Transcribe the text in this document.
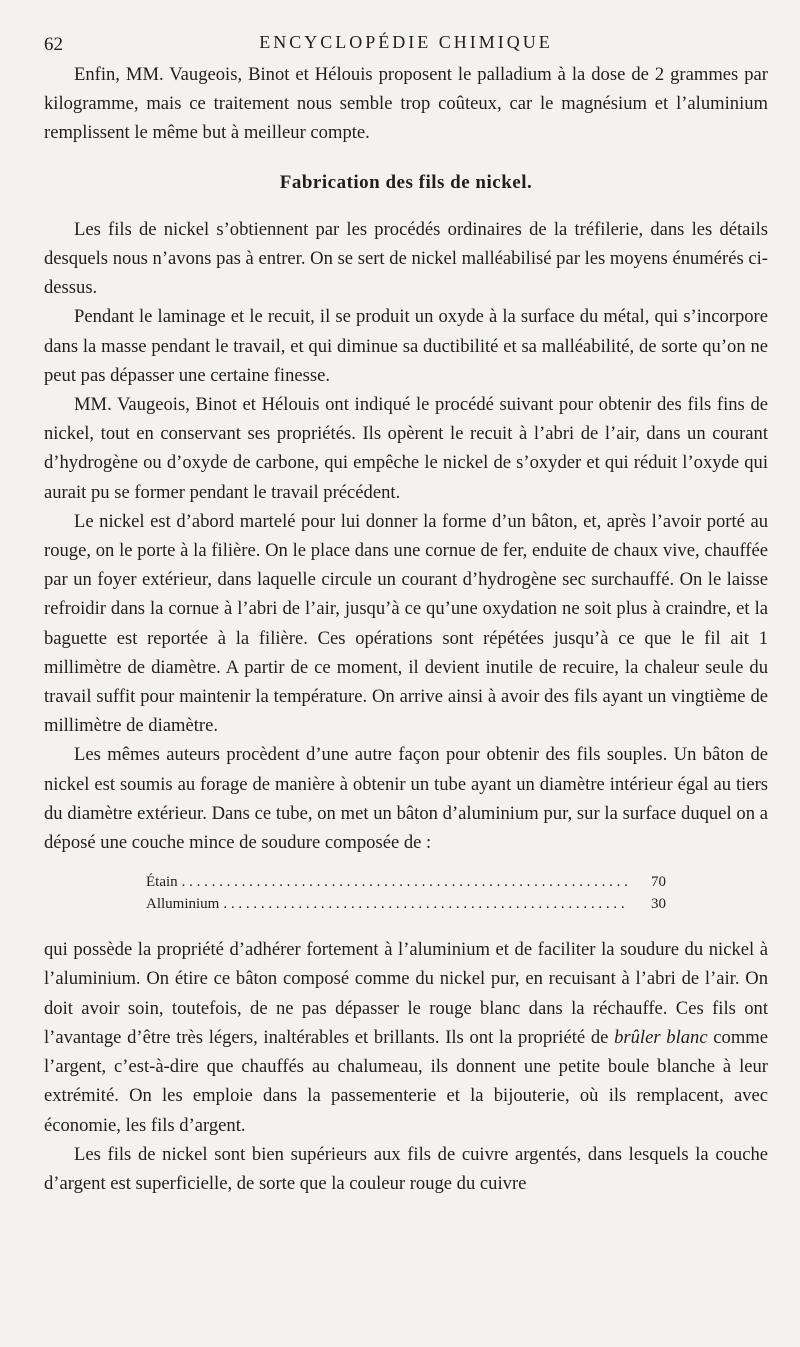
62	ENCYCLOPÉDIE CHIMIQUE

Enfin, MM. Vaugeois, Binot et Hélouis proposent le palladium à la dose de 2 grammes par kilogramme, mais ce traitement nous semble trop coûteux, car le magnésium et l’aluminium remplissent le même but à meilleur compte.

Fabrication des fils de nickel.

Les fils de nickel s’obtiennent par les procédés ordinaires de la tréfilerie, dans les détails desquels nous n’avons pas à entrer. On se sert de nickel malléabilisé par les moyens énumérés ci-dessus.

Pendant le laminage et le recuit, il se produit un oxyde à la surface du métal, qui s’incorpore dans la masse pendant le travail, et qui diminue sa ductibilité et sa malléabilité, de sorte qu’on ne peut pas dépasser une certaine finesse.

MM. Vaugeois, Binot et Hélouis ont indiqué le procédé suivant pour obtenir des fils fins de nickel, tout en conservant ses propriétés. Ils opèrent le recuit à l’abri de l’air, dans un courant d’hydrogène ou d’oxyde de carbone, qui empêche le nickel de s’oxyder et qui réduit l’oxyde qui aurait pu se former pendant le travail précédent.

Le nickel est d’abord martelé pour lui donner la forme d’un bâton, et, après l’avoir porté au rouge, on le porte à la filière. On le place dans une cornue de fer, enduite de chaux vive, chauffée par un foyer extérieur, dans laquelle circule un courant d’hydrogène sec surchauffé. On le laisse refroidir dans la cornue à l’abri de l’air, jusqu’à ce qu’une oxydation ne soit plus à craindre, et la baguette est reportée à la filière. Ces opérations sont répétées jusqu’à ce que le fil ait 1 millimètre de diamètre. A partir de ce moment, il devient inutile de recuire, la chaleur seule du travail suffit pour maintenir la température. On arrive ainsi à avoir des fils ayant un vingtième de millimètre de diamètre.

Les mêmes auteurs procèdent d’une autre façon pour obtenir des fils souples. Un bâton de nickel est soumis au forage de manière à obtenir un tube ayant un diamètre intérieur égal au tiers du diamètre extérieur. Dans ce tube, on met un bâton d’aluminium pur, sur la surface duquel on a déposé une couche mince de soudure composée de :

Étain . . .	70
Alluminium . . .	30

qui possède la propriété d’adhérer fortement à l’aluminium et de faciliter la soudure du nickel à l’aluminium. On étire ce bâton composé comme du nickel pur, en recuisant à l’abri de l’air. On doit avoir soin, toutefois, de ne pas dépasser le rouge blanc dans la réchauffe. Ces fils ont l’avantage d’être très légers, inaltérables et brillants. Ils ont la propriété de brûler blanc comme l’argent, c’est-à-dire que chauffés au chalumeau, ils donnent une petite boule blanche à leur extrémité. On les emploie dans la passementerie et la bijouterie, où ils remplacent, avec économie, les fils d’argent.

Les fils de nickel sont bien supérieurs aux fils de cuivre argentés, dans lesquels la couche d’argent est superficielle, de sorte que la couleur rouge du cuivre
